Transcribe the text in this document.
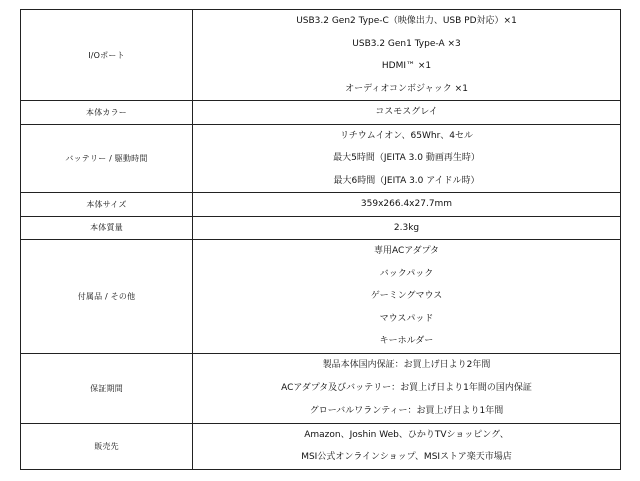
I/Oポート	USB3.2 Gen2 Type-C（映像出力、USB PD対応）×1
USB3.2 Gen1 Type-A ×3
HDMI™ ×1
オーディオコンボジャック ×1

本体カラー	コスモスグレイ

バッテリー / 駆動時間	リチウムイオン、65Whr、4セル
最大5時間（JEITA 3.0 動画再生時）
最大6時間（JEITA 3.0 アイドル時）

本体サイズ	359x266.4x27.7mm

本体質量	2.3kg

付属品 / その他	専用ACアダプタ
バックパック
ゲーミングマウス
マウスパッド
キーホルダー

保証期間	製品本体国内保証：お買上げ日より2年間
ACアダプタ及びバッテリー：お買上げ日より1年間の国内保証
グローバルワランティー：お買上げ日より1年間

販売先	Amazon、Joshin Web、ひかりTVショッピング、
MSI公式オンラインショップ、MSIストア楽天市場店
